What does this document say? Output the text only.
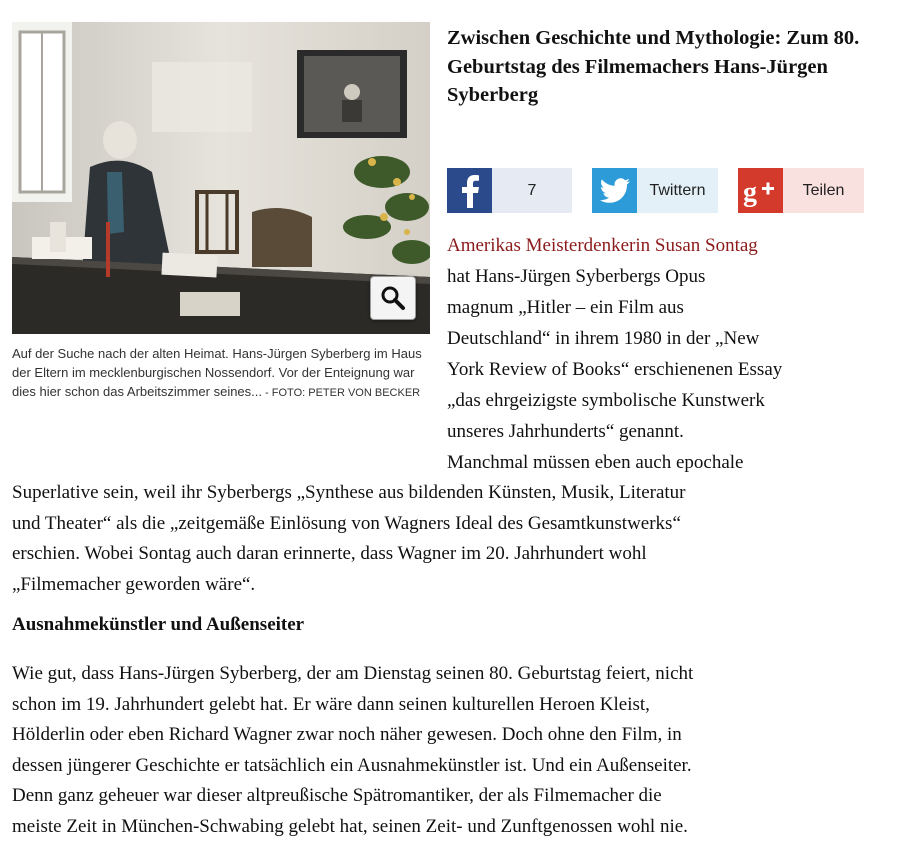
Auf der Suche nach der alten Heimat. Hans-Jürgen Syberberg im Haus der Eltern im mecklenburgischen Nossendorf. Vor der Enteignung war dies hier schon das Arbeitszimmer seines... - FOTO: PETER VON BECKER
Zwischen Geschichte und Mythologie: Zum 80. Geburtstag des Filmemachers Hans-Jürgen Syberberg
7	Twittern	g	Teilen
Amerikas Meisterdenkerin Susan Sontag
hat Hans-Jürgen Syberbergs Opus
magnum „Hitler – ein Film aus
Deutschland“ in ihrem 1980 in der „New
York Review of Books“ erschienenen Essay
„das ehrgeizigste symbolische Kunstwerk
unseres Jahrhunderts“ genannt.
Manchmal müssen eben auch epochale
Superlative sein, weil ihr Syberbergs „Synthese aus bildenden Künsten, Musik, Literatur
und Theater“ als die „zeitgemäße Einlösung von Wagners Ideal des Gesamtkunstwerks“
erschien. Wobei Sontag auch daran erinnerte, dass Wagner im 20. Jahrhundert wohl
„Filmemacher geworden wäre“.
Ausnahmekünstler und Außenseiter
Wie gut, dass Hans-Jürgen Syberberg, der am Dienstag seinen 80. Geburtstag feiert, nicht
schon im 19. Jahrhundert gelebt hat. Er wäre dann seinen kulturellen Heroen Kleist,
Hölderlin oder eben Richard Wagner zwar noch näher gewesen. Doch ohne den Film, in
dessen jüngerer Geschichte er tatsächlich ein Ausnahmekünstler ist. Und ein Außenseiter.
Denn ganz geheuer war dieser altpreußische Spätromantiker, der als Filmemacher die
meiste Zeit in München-Schwabing gelebt hat, seinen Zeit- und Zunftgenossen wohl nie.
